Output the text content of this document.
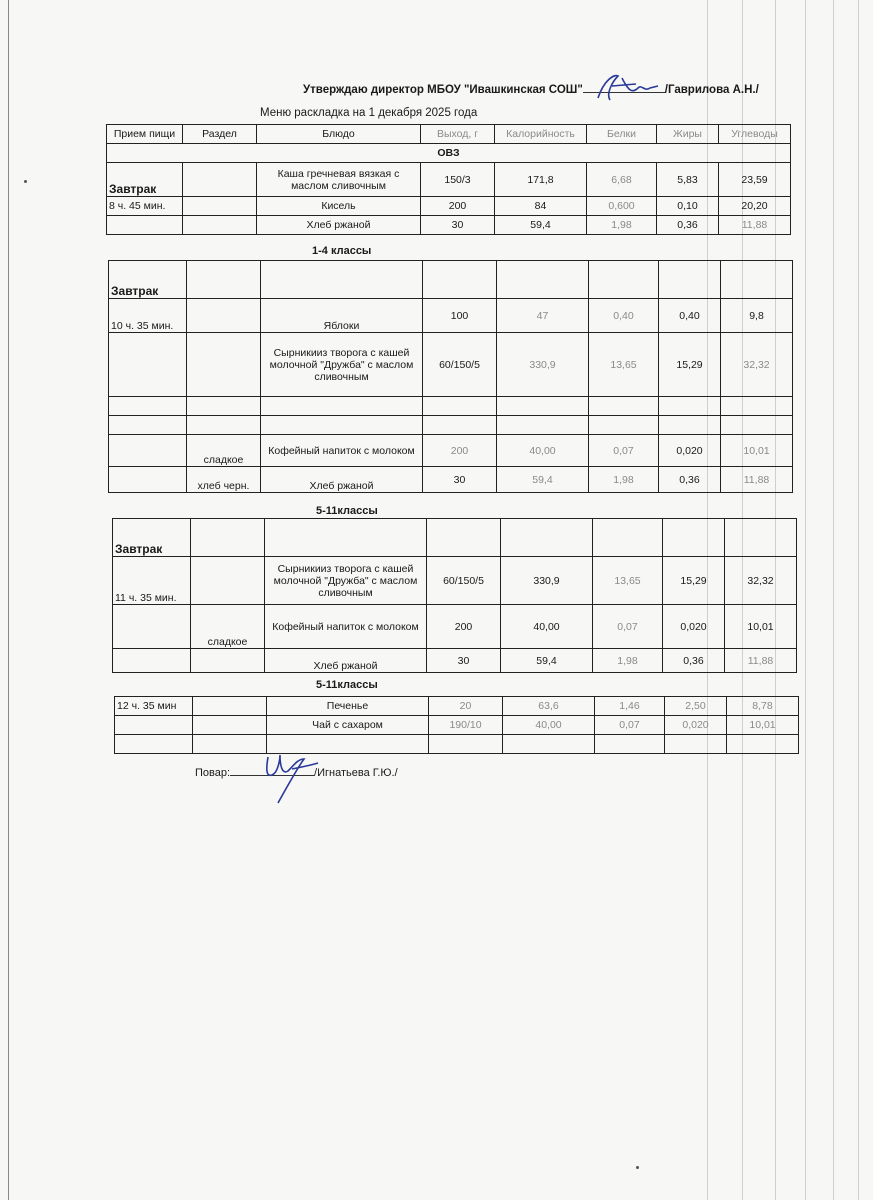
Утверждаю директор МБОУ "Ивашкинская СОШ"	/Гаврилова А.Н./
Меню раскладка на 1 декабря 2025 года
Прием пищи	Раздел	Блюдо	Выход, г	Калорийность	Белки	Жиры	Углеводы
ОВЗ							
Завтрак		Каша гречневая вязкая с маслом сливочным	150/3	171,8	6,68	5,83	23,59
8 ч. 45 мин.		Кисель	200	84	0,600	0,10	20,20
		Хлеб ржаной	30	59,4	1,98	0,36	11,88
1-4 классы
Завтрак							
10 ч. 35 мин.		Яблоки	100	47	0,40	0,40	9,8
		Сырникииз творога с кашей молочной "Дружба" с маслом сливочным	60/150/5	330,9	13,65	15,29	32,32

	сладкое	Кофейный напиток с молоком	200	40,00	0,07	0,020	10,01
	хлеб черн.	Хлеб ржаной	30	59,4	1,98	0,36	11,88
5-11классы
Завтрак							
11 ч. 35 мин.		Сырникииз творога с кашей молочной "Дружба" с маслом сливочным	60/150/5	330,9	13,65	15,29	32,32
	сладкое	Кофейный напиток с молоком	200	40,00	0,07	0,020	10,01
		Хлеб ржаной	30	59,4	1,98	0,36	11,88
5-11классы
12 ч. 35 мин		Печенье	20	63,6	1,46	2,50	8,78
		Чай с сахаром	190/10	40,00	0,07	0,020	10,01

Повар:	/Игнатьева Г.Ю./
